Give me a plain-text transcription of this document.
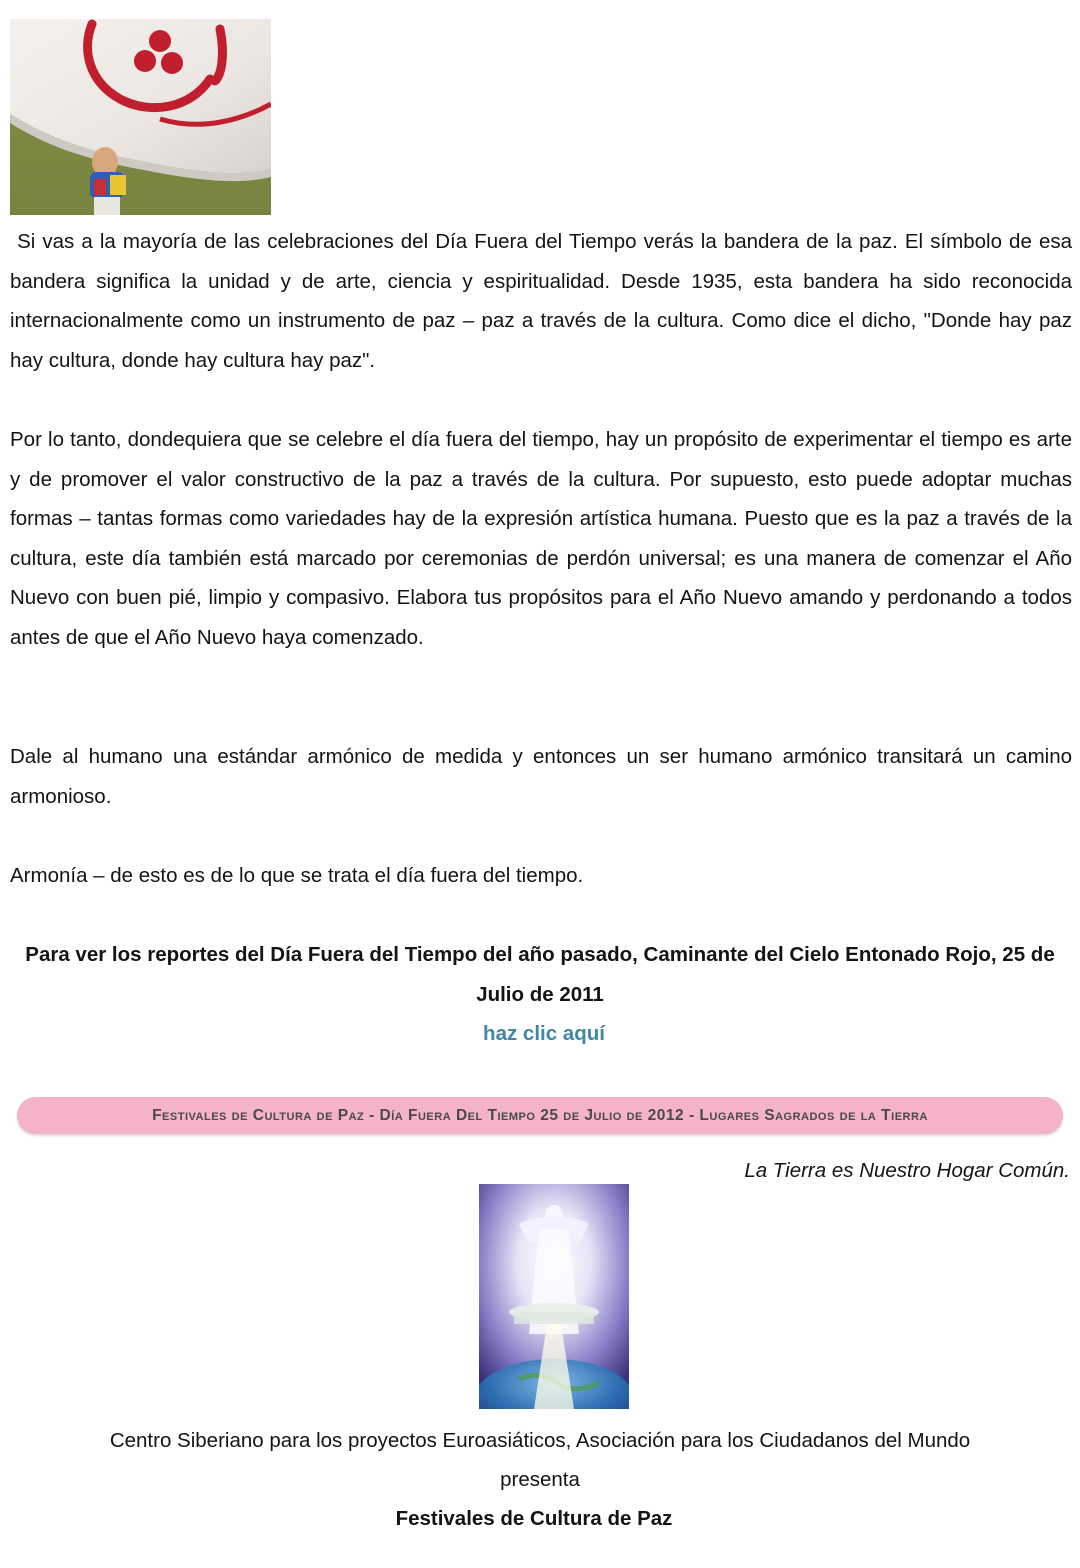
Si vas a la mayoría de las celebraciones del Día Fuera del Tiempo verás la bandera de la paz. El símbolo de esa bandera significa la unidad y de arte, ciencia y espiritualidad. Desde 1935, esta bandera ha sido reconocida internacionalmente como un instrumento de paz – paz a través de la cultura. Como dice el dicho, "Donde hay paz hay cultura, donde hay cultura hay paz".

Por lo tanto, dondequiera que se celebre el día fuera del tiempo, hay un propósito de experimentar el tiempo es arte y de promover el valor constructivo de la paz a través de la cultura. Por supuesto, esto puede adoptar muchas formas – tantas formas como variedades hay de la expresión artística humana. Puesto que es la paz a través de la cultura, este día también está marcado por ceremonias de perdón universal; es una manera de comenzar el Año Nuevo con buen pié, limpio y compasivo. Elabora tus propósitos para el Año Nuevo amando y perdonando a todos antes de que el Año Nuevo haya comenzado.

Dale al humano una estándar armónico de medida y entonces un ser humano armónico transitará un camino armonioso.

Armonía – de esto es de lo que se trata el día fuera del tiempo.

Para ver los reportes del Día Fuera del Tiempo del año pasado, Caminante del Cielo Entonado Rojo, 25 de Julio de 2011

haz clic aquí
Festivales de Cultura de Paz - Día Fuera Del Tiempo 25 de Julio de 2012 - Lugares Sagrados de la Tierra
La Tierra es Nuestro Hogar Común.

Centro Siberiano para los proyectos Euroasiáticos, Asociación para los Ciudadanos del Mundo
presenta

Festivales de Cultura de Paz
